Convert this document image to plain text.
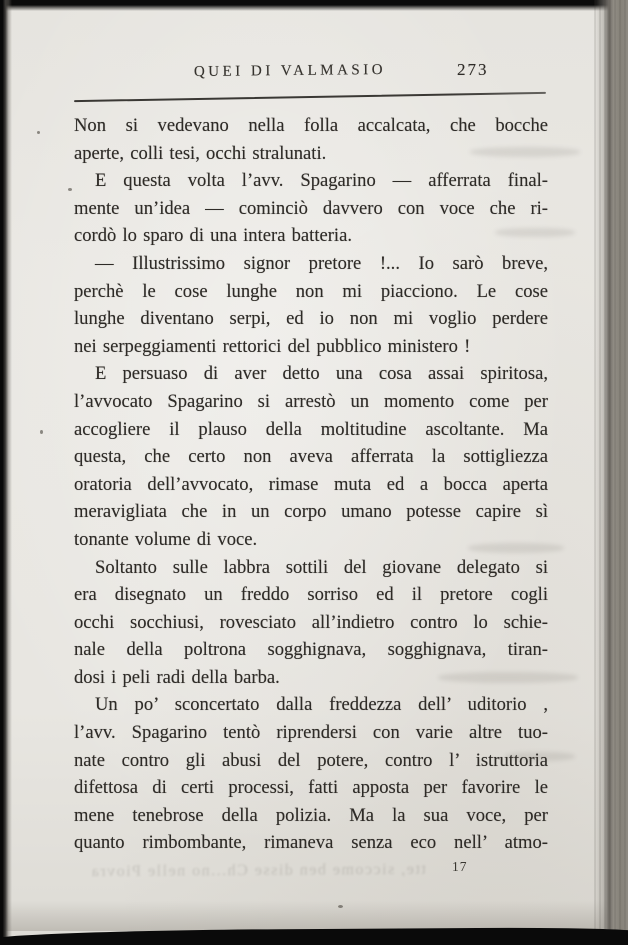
QUEI DI VALMASIO	273
Non si vedevano nella folla accalcata, che bocche
aperte, colli tesi, occhi stralunati.
E questa volta l’avv. Spagarino — afferrata final-
mente un’idea — cominciò davvero con voce che ri-
cordò lo sparo di una intera batteria.
— Illustrissimo signor pretore !... Io sarò breve,
perchè le cose lunghe non mi piacciono. Le cose
lunghe diventano serpi, ed io non mi voglio perdere
nei serpeggiamenti rettorici del pubblico ministero !
E persuaso di aver detto una cosa assai spiritosa,
l’avvocato Spagarino si arrestò un momento come per
accogliere il plauso della moltitudine ascoltante. Ma
questa, che certo non aveva afferrata la sottigliezza
oratoria dell’avvocato, rimase muta ed a bocca aperta
meravigliata che in un corpo umano potesse capire sì
tonante volume di voce.
Soltanto sulle labbra sottili del giovane delegato si
era disegnato un freddo sorriso ed il pretore cogli
occhi socchiusi, rovesciato all’indietro contro lo schie-
nale della poltrona sogghignava, sogghignava, tiran-
dosi i peli radi della barba.
Un po’ sconcertato dalla freddezza dell’ uditorio ,
l’avv. Spagarino tentò riprendersi con varie altre tuo-
nate contro gli abusi del potere, contro l’ istruttoria
difettosa di certi processi, fatti apposta per favorire le
mene tenebrose della polizia. Ma la sua voce, per
quanto rimbombante, rimaneva senza eco nell’ atmo-
17
tte, siccome ben disse Ch...no nelle Piovra
